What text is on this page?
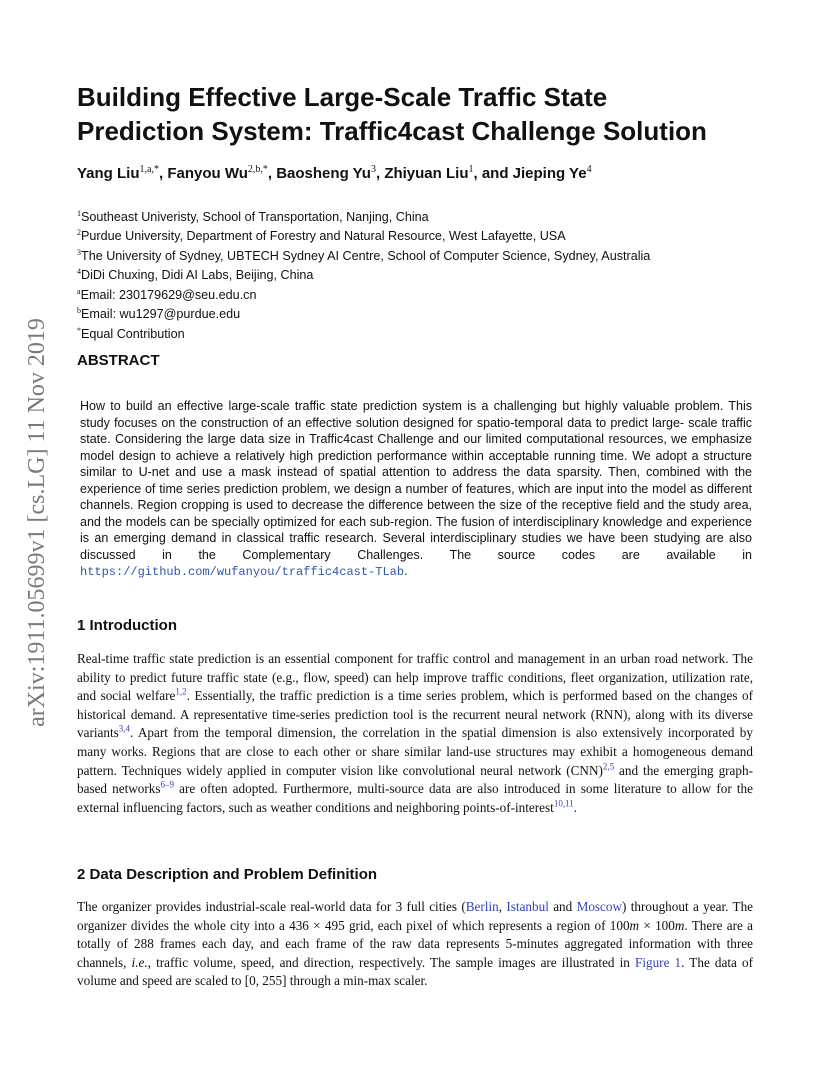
arXiv:1911.05699v1 [cs.LG] 11 Nov 2019
Building Effective Large-Scale Traffic State
Prediction System: Traffic4cast Challenge Solution
Yang Liu$^{1,a,*}$, Fanyou $Wu^{2,b,*}$, Baosheng Yu$^3$, Zhiyuan Liu$^1$, and Jieping Ye$^4$
$^1$Southeast Univeristy, School of Transportation, Nanjing, China
$^2$Purdue University, Department of Forestry and Natural Resource, West Lafayette, USA
$^3$The University of Sydney, UBTECH Sydney AI Centre, School of Computer Science, Sydney, Australia
$^4$DiDi Chuxing, Didi AI Labs, Beijing, China
$^a$Email: 230179629@seu.edu.cn
$^b$Email: wu1297@purdue.edu
*Equal Contribution
ABSTRACT

How to build an effective large-scale traffic state prediction system is a challenging but highly valuable problem. This study focuses on the construction of an effective solution designed for spatio-temporal data to predict large- scale traffic state. Considering the large data size in Traffic4cast Challenge and our limited computational resources, we emphasize model design to achieve a relatively high prediction performance within acceptable running time. We adopt a structure similar to U-net and use a mask instead of spatial attention to address the data sparsity. Then, combined with the experience of time series prediction problem, we design a number of features, which are input into the model as different channels. Region cropping is used to decrease the difference between the size of the receptive field and the study area, and the models can be specially optimized for each sub-region. The fusion of interdisciplinary knowledge and experience is an emerging demand in classical traffic research. Several interdisciplinary studies we have been studying are also discussed in the Complementary Challenges. The source codes are available in https://github.com/wufanyou/traffic4cast-TLab.

1 Introduction

Real-time traffic state prediction is an essential component for traffic control and management in an urban road network. The ability to predict future traffic state (e.g., flow, speed) can help improve traffic conditions, fleet organization, utilization rate, and social welfare$^{1,2}$. Essentially, the traffic prediction is a time series problem, which is performed based on the changes of historical demand. A representative time-series prediction tool is the recurrent neural network (RNN), along with its diverse variants$^{3,4}$. Apart from the temporal dimension, the correlation in the spatial dimension is also extensively incorporated by many works. Regions that are close to each other or share similar land-use structures may exhibit a homogeneous demand pattern. Techniques widely applied in computer vision like convolutional neural network (CNN)$^{2,5}$ and the emerging graph-based networks$^{6-9}$ are often adopted. Furthermore, multi-source data are also introduced in some literature to allow for the external influencing factors, such as weather conditions and neighboring points-of-interest$^{10,11}$.

2 Data Description and Problem Definition

The organizer provides industrial-scale real-world data for 3 full cities (Berlin, Istanbul and Moscow) throughout a year. The organizer divides the whole city into a 436 × 495 grid, each pixel of which represents a region of 100m × 100m. There are a totally of 288 frames each day, and each frame of the raw data represents 5-minutes aggregated information with three channels, i.e., traffic volume, speed, and direction, respectively. The sample images are illustrated in Figure 1. The data of volume and speed are scaled to [0, 255] through a min-max scaler.
